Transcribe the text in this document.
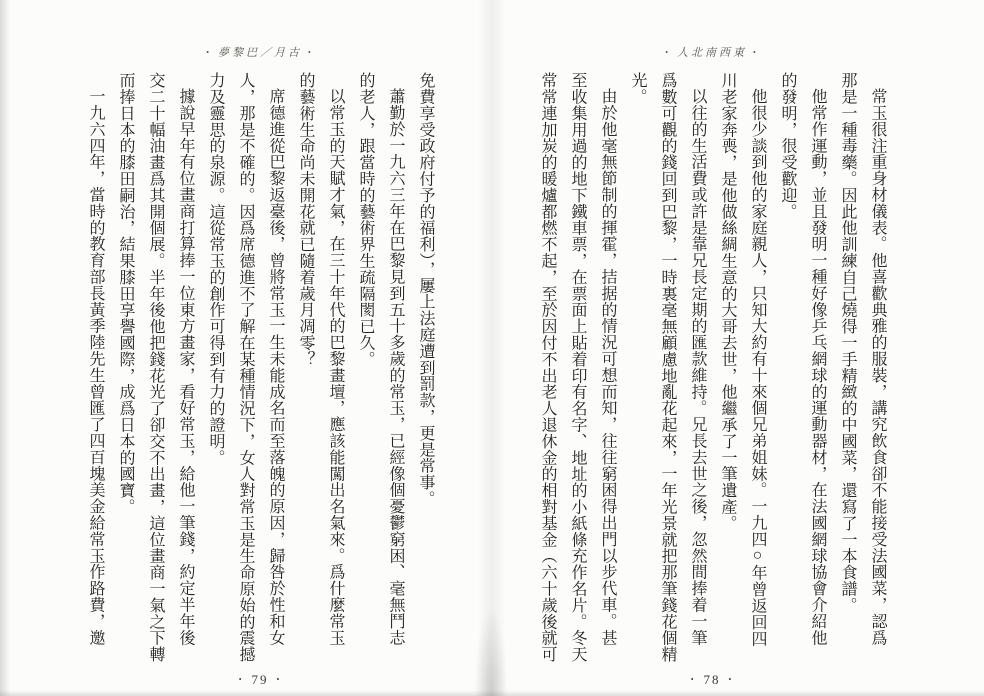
• 夢黎巴／月古 •
免費享受政府付予的福利），屢上法庭遭到罰款，更是常事。
蕭勤於一九六三年在巴黎見到五十多歲的常玉，已經像個憂鬱窮困、毫無鬥志
的老人，跟當時的藝術界生疏隔閡已久。
以常玉的天賦才氣，在三十年代的巴黎畫壇，應該能闖出名氣來。爲什麼常玉
的藝術生命尚未開花就已隨着歲月凋零？
席德進從巴黎返臺後，曾將常玉一生未能成名而至落魄的原因，歸咎於性和女
人，那是不確的。因爲席德進不了解在某種情況下，女人對常玉是生命原始的震撼
力及靈思的泉源。這從常玉的創作可得到有力的證明。
據說早年有位畫商打算捧一位東方畫家，看好常玉，給他一筆錢，約定半年後
交二十幅油畫爲其開個展。半年後他把錢花光了卻交不出畫，這位畫商一氣之下轉
而捧日本的膝田嗣治，結果膝田享譽國際，成爲日本的國寶。
一九六四年，當時的教育部長黃季陸先生曾匯了四百塊美金給常玉作路費，邀
• 79 •
• 人北南西東 •
常玉很注重身材儀表。他喜歡典雅的服裝，講究飲食卻不能接受法國菜，認爲
那是一種毒藥。因此他訓練自己燒得一手精緻的中國菜，還寫了一本食譜。
他常作運動，並且發明一種好像乒乓網球的運動器材，在法國網球協會介紹他
的發明，很受歡迎。
他很少談到他的家庭親人，只知大約有十來個兄弟姐妹。一九四○年曾返回四
川老家奔喪，是他做絲綢生意的大哥去世，他繼承了一筆遺產。
以往的生活費或許是靠兄長定期的匯款維持。兄長去世之後，忽然間捧着一筆
爲數可觀的錢回到巴黎，一時裏毫無顧慮地亂花起來，一年光景就把那筆錢花個精
光。
由於他毫無節制的揮霍，拮据的情況可想而知，往往窮困得出門以步代車。甚
至收集用過的地下鐵車票，在票面上貼着印有名字、地址的小紙條充作名片。冬天
常常連加炭的暖爐都燃不起，至於因付不出老人退休金的相對基金（六十歲後就可
• 78 •
